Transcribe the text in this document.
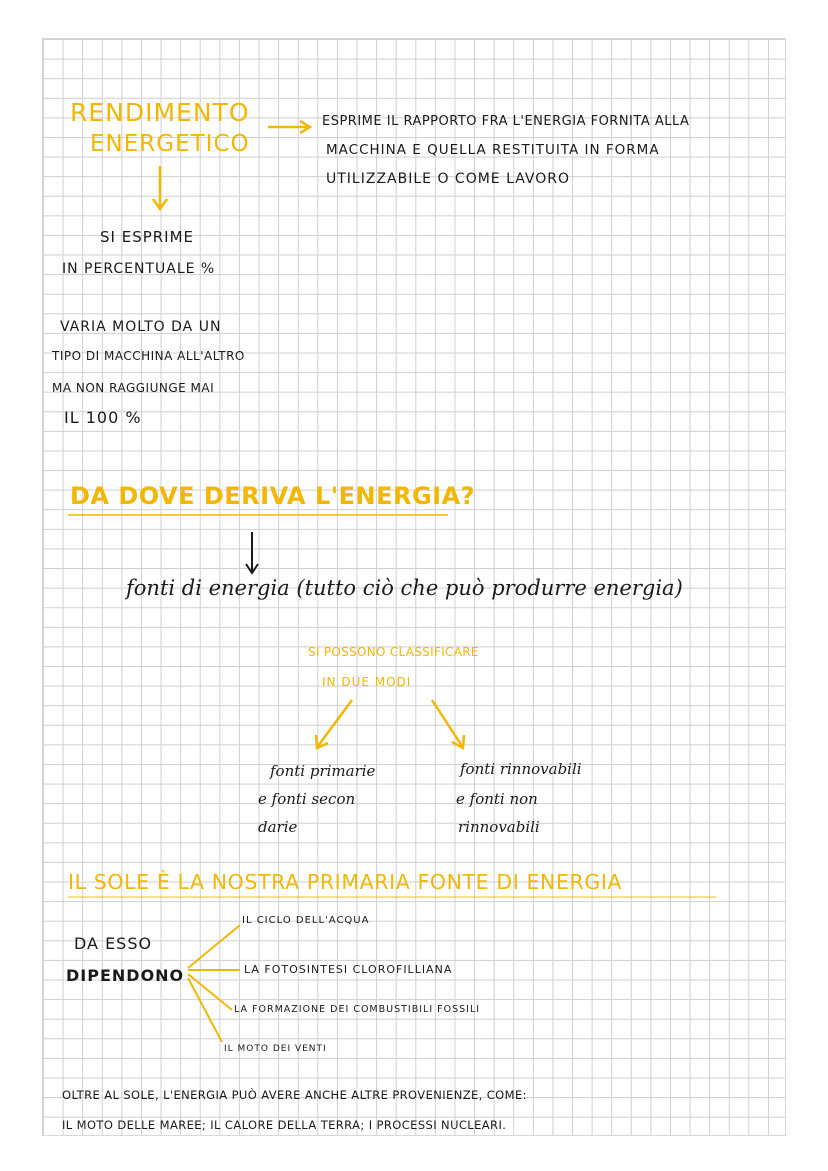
RENDIMENTO
ENERGETICO
ESPRIME IL RAPPORTO FRA L'ENERGIA FORNITA ALLA
MACCHINA E QUELLA RESTITUITA IN FORMA
UTILIZZABILE O COME LAVORO
SI ESPRIME
IN PERCENTUALE %
VARIA MOLTO DA UN
TIPO DI MACCHINA ALL'ALTRO
MA NON RAGGIUNGE MAI
IL 100 %
DA DOVE DERIVA L'ENERGIA?
fonti di energia (tutto ciò che può produrre energia)
SI POSSONO CLASSIFICARE
IN DUE MODI
fonti primarie
e fonti secon
darie
fonti rinnovabili
e fonti non
rinnovabili
IL SOLE È LA NOSTRA PRIMARIA FONTE DI ENERGIA
DA ESSO
DIPENDONO
IL CICLO DELL'ACQUA
LA FOTOSINTESI CLOROFILLIANA
LA FORMAZIONE DEI COMBUSTIBILI FOSSILI
IL MOTO DEI VENTI
OLTRE AL SOLE, L'ENERGIA PUÒ AVERE ANCHE ALTRE PROVENIENZE, COME:
IL MOTO DELLE MAREE; IL CALORE DELLA TERRA; I PROCESSI NUCLEARI.
